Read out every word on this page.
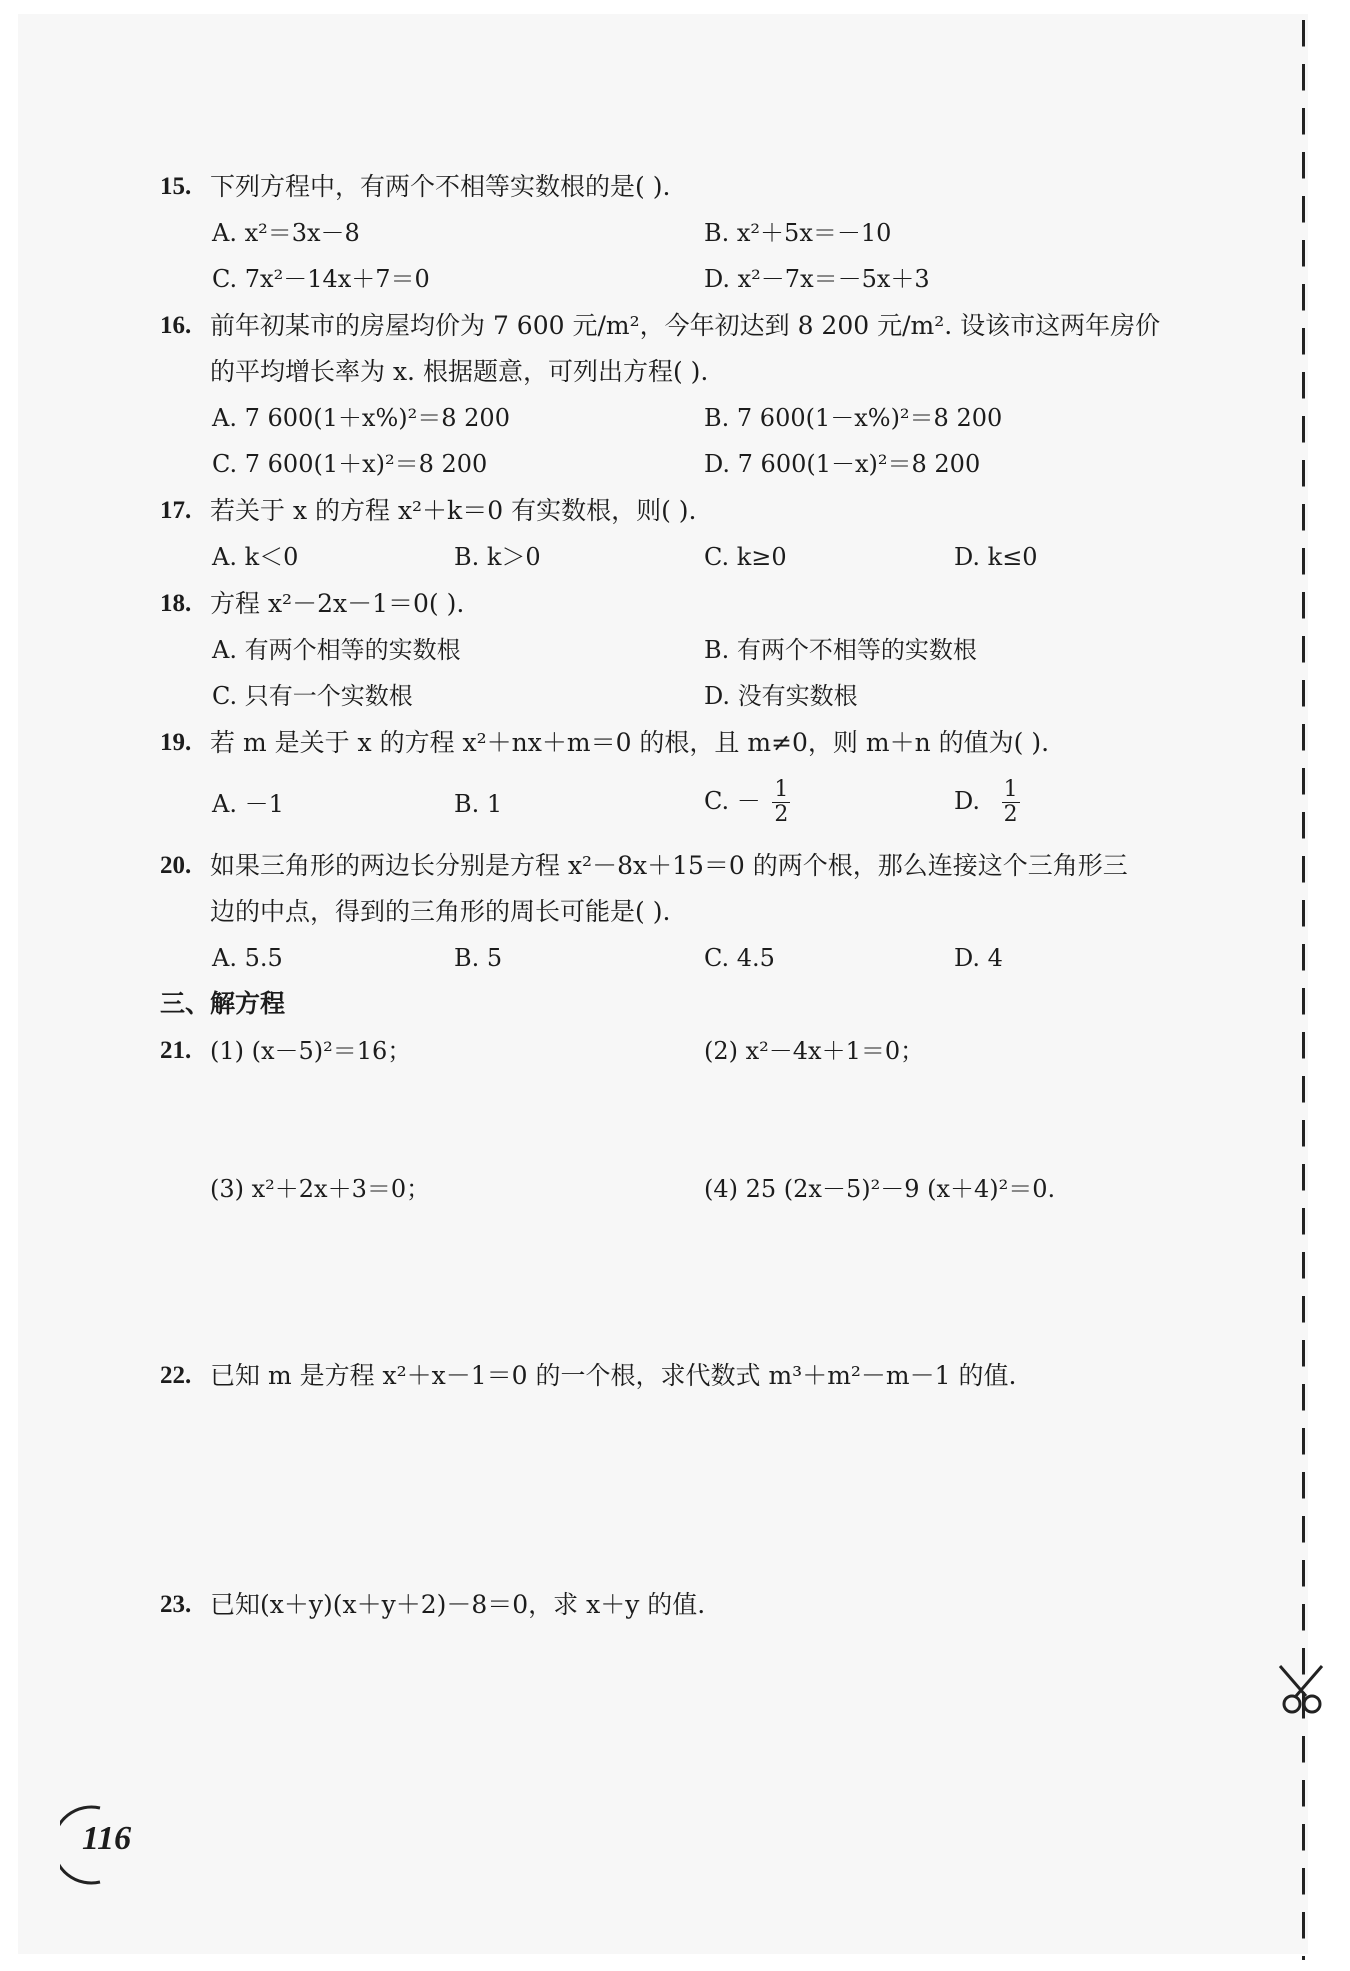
15. 下列方程中，有两个不相等实数根的是( ).
A. x²＝3x－8	B. x²＋5x＝－10
C. 7x²－14x＋7＝0	D. x²－7x＝－5x＋3
16. 前年初某市的房屋均价为 7 600 元/m²，今年初达到 8 200 元/m². 设该市这两年房价
的平均增长率为 x. 根据题意，可列出方程( ).
A. 7 600(1＋x%)²＝8 200	B. 7 600(1－x%)²＝8 200
C. 7 600(1＋x)²＝8 200	D. 7 600(1－x)²＝8 200
17. 若关于 x 的方程 x²＋k＝0 有实数根，则( ).
A. k＜0	B. k＞0	C. k≥0	D. k≤0
18. 方程 x²－2x－1＝0( ).
A. 有两个相等的实数根	B. 有两个不相等的实数根
C. 只有一个实数根	D. 没有实数根
19. 若 m 是关于 x 的方程 x²＋nx＋m＝0 的根，且 m≠0，则 m＋n 的值为( ).
A. －1	B. 1	C. － $\frac{1}{2}$	D. $\frac{1}{2}$
20. 如果三角形的两边长分别是方程 x²－8x＋15＝0 的两个根，那么连接这个三角形三
边的中点，得到的三角形的周长可能是( ).
A. 5.5	B. 5	C. 4.5	D. 4
三、解方程
21. (1) (x－5)²＝16；	(2) x²－4x＋1＝0；
(3) x²＋2x＋3＝0；	(4) 25 (2x－5)²－9 (x＋4)²＝0.
22. 已知 m 是方程 x²＋x－1＝0 的一个根，求代数式 m³＋m²－m－1 的值.
23. 已知(x＋y)(x＋y＋2)－8＝0，求 x＋y 的值.
116
